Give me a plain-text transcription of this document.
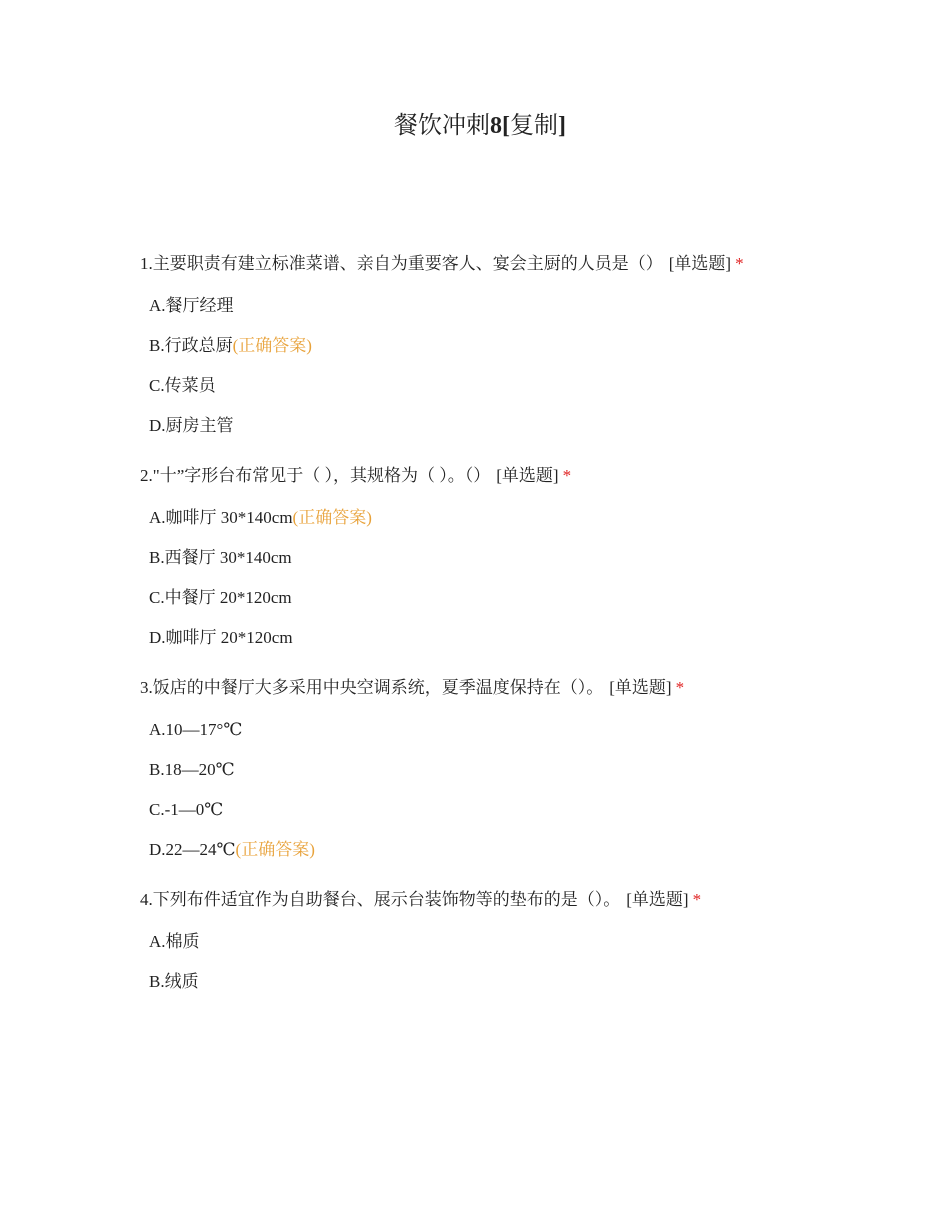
餐饮冲刺8[复制]
1.主要职责有建立标准菜谱、亲自为重要客人、宴会主厨的人员是（） [单选题] *
A.餐厅经理
B.行政总厨(正确答案)
C.传菜员
D.厨房主管
2."十”字形台布常见于（ ），其规格为（ ）。（） [单选题] *
A.咖啡厅 30*140cm(正确答案)
B.西餐厅 30*140cm
C.中餐厅 20*120cm
D.咖啡厅 20*120cm
3.饭店的中餐厅大多采用中央空调系统，夏季温度保持在（）。 [单选题] *
A.10—17°℃
B.18—20℃
C.-1—0℃
D.22—24℃(正确答案)
4.下列布件适宜作为自助餐台、展示台装饰物等的垫布的是（）。 [单选题] *
A.棉质
B.绒质
